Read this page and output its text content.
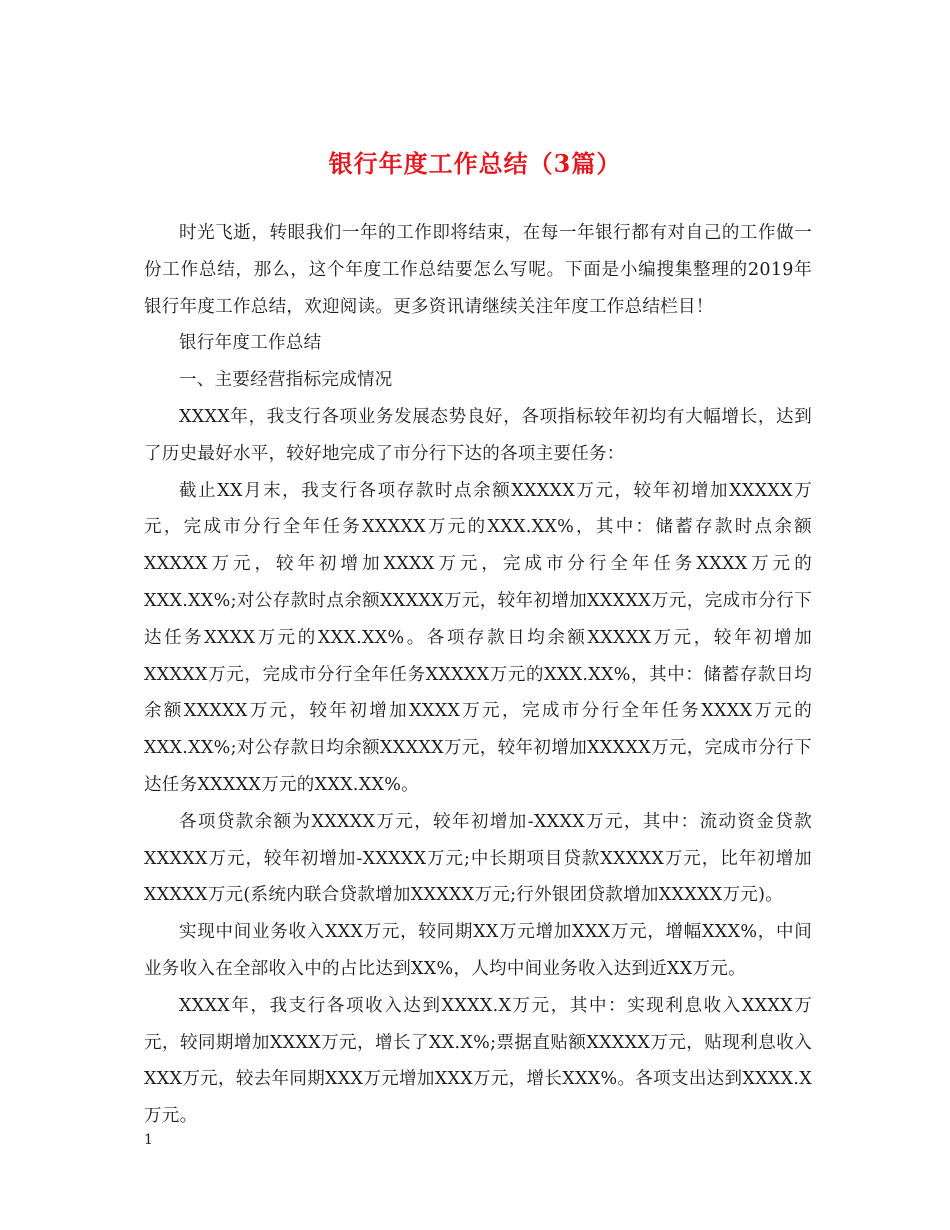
银行年度工作总结（3篇）

时光飞逝，转眼我们一年的工作即将结束，在每一年银行都有对自己的工作做一份工作总结，那么，这个年度工作总结要怎么写呢。下面是小编搜集整理的2019年银行年度工作总结，欢迎阅读。更多资讯请继续关注年度工作总结栏目！

银行年度工作总结

一、主要经营指标完成情况

XXXX年，我支行各项业务发展态势良好，各项指标较年初均有大幅增长，达到了历史最好水平，较好地完成了市分行下达的各项主要任务：

截止XX月末，我支行各项存款时点余额XXXXX万元，较年初增加XXXXX万元，完成市分行全年任务XXXXX万元的XXX.XX%，其中：储蓄存款时点余额XXXXX万元，较年初增加XXXX万元，完成市分行全年任务XXXX万元的XXX.XX%;对公存款时点余额XXXXX万元，较年初增加XXXXX万元，完成市分行下达任务XXXX万元的XXX.XX%。各项存款日均余额XXXXX万元，较年初增加XXXXX万元，完成市分行全年任务XXXXX万元的XXX.XX%，其中：储蓄存款日均余额XXXXX万元，较年初增加XXXX万元，完成市分行全年任务XXXX万元的XXX.XX%;对公存款日均余额XXXXX万元，较年初增加XXXXX万元，完成市分行下达任务XXXXX万元的XXX.XX%。

各项贷款余额为XXXXX万元，较年初增加-XXXX万元，其中：流动资金贷款XXXXX万元，较年初增加-XXXXX万元;中长期项目贷款XXXXX万元，比年初增加XXXXX万元(系统内联合贷款增加XXXXX万元;行外银团贷款增加XXXXX万元)。

实现中间业务收入XXX万元，较同期XX万元增加XXX万元，增幅XXX%，中间业务收入在全部收入中的占比达到XX%，人均中间业务收入达到近XX万元。

XXXX年，我支行各项收入达到XXXX.X万元，其中：实现利息收入XXXX万元，较同期增加XXXX万元，增长了XX.X%;票据直贴额XXXXX万元，贴现利息收入XXX万元，较去年同期XXX万元增加XXX万元，增长XXX%。各项支出达到XXXX.X万元。

1
